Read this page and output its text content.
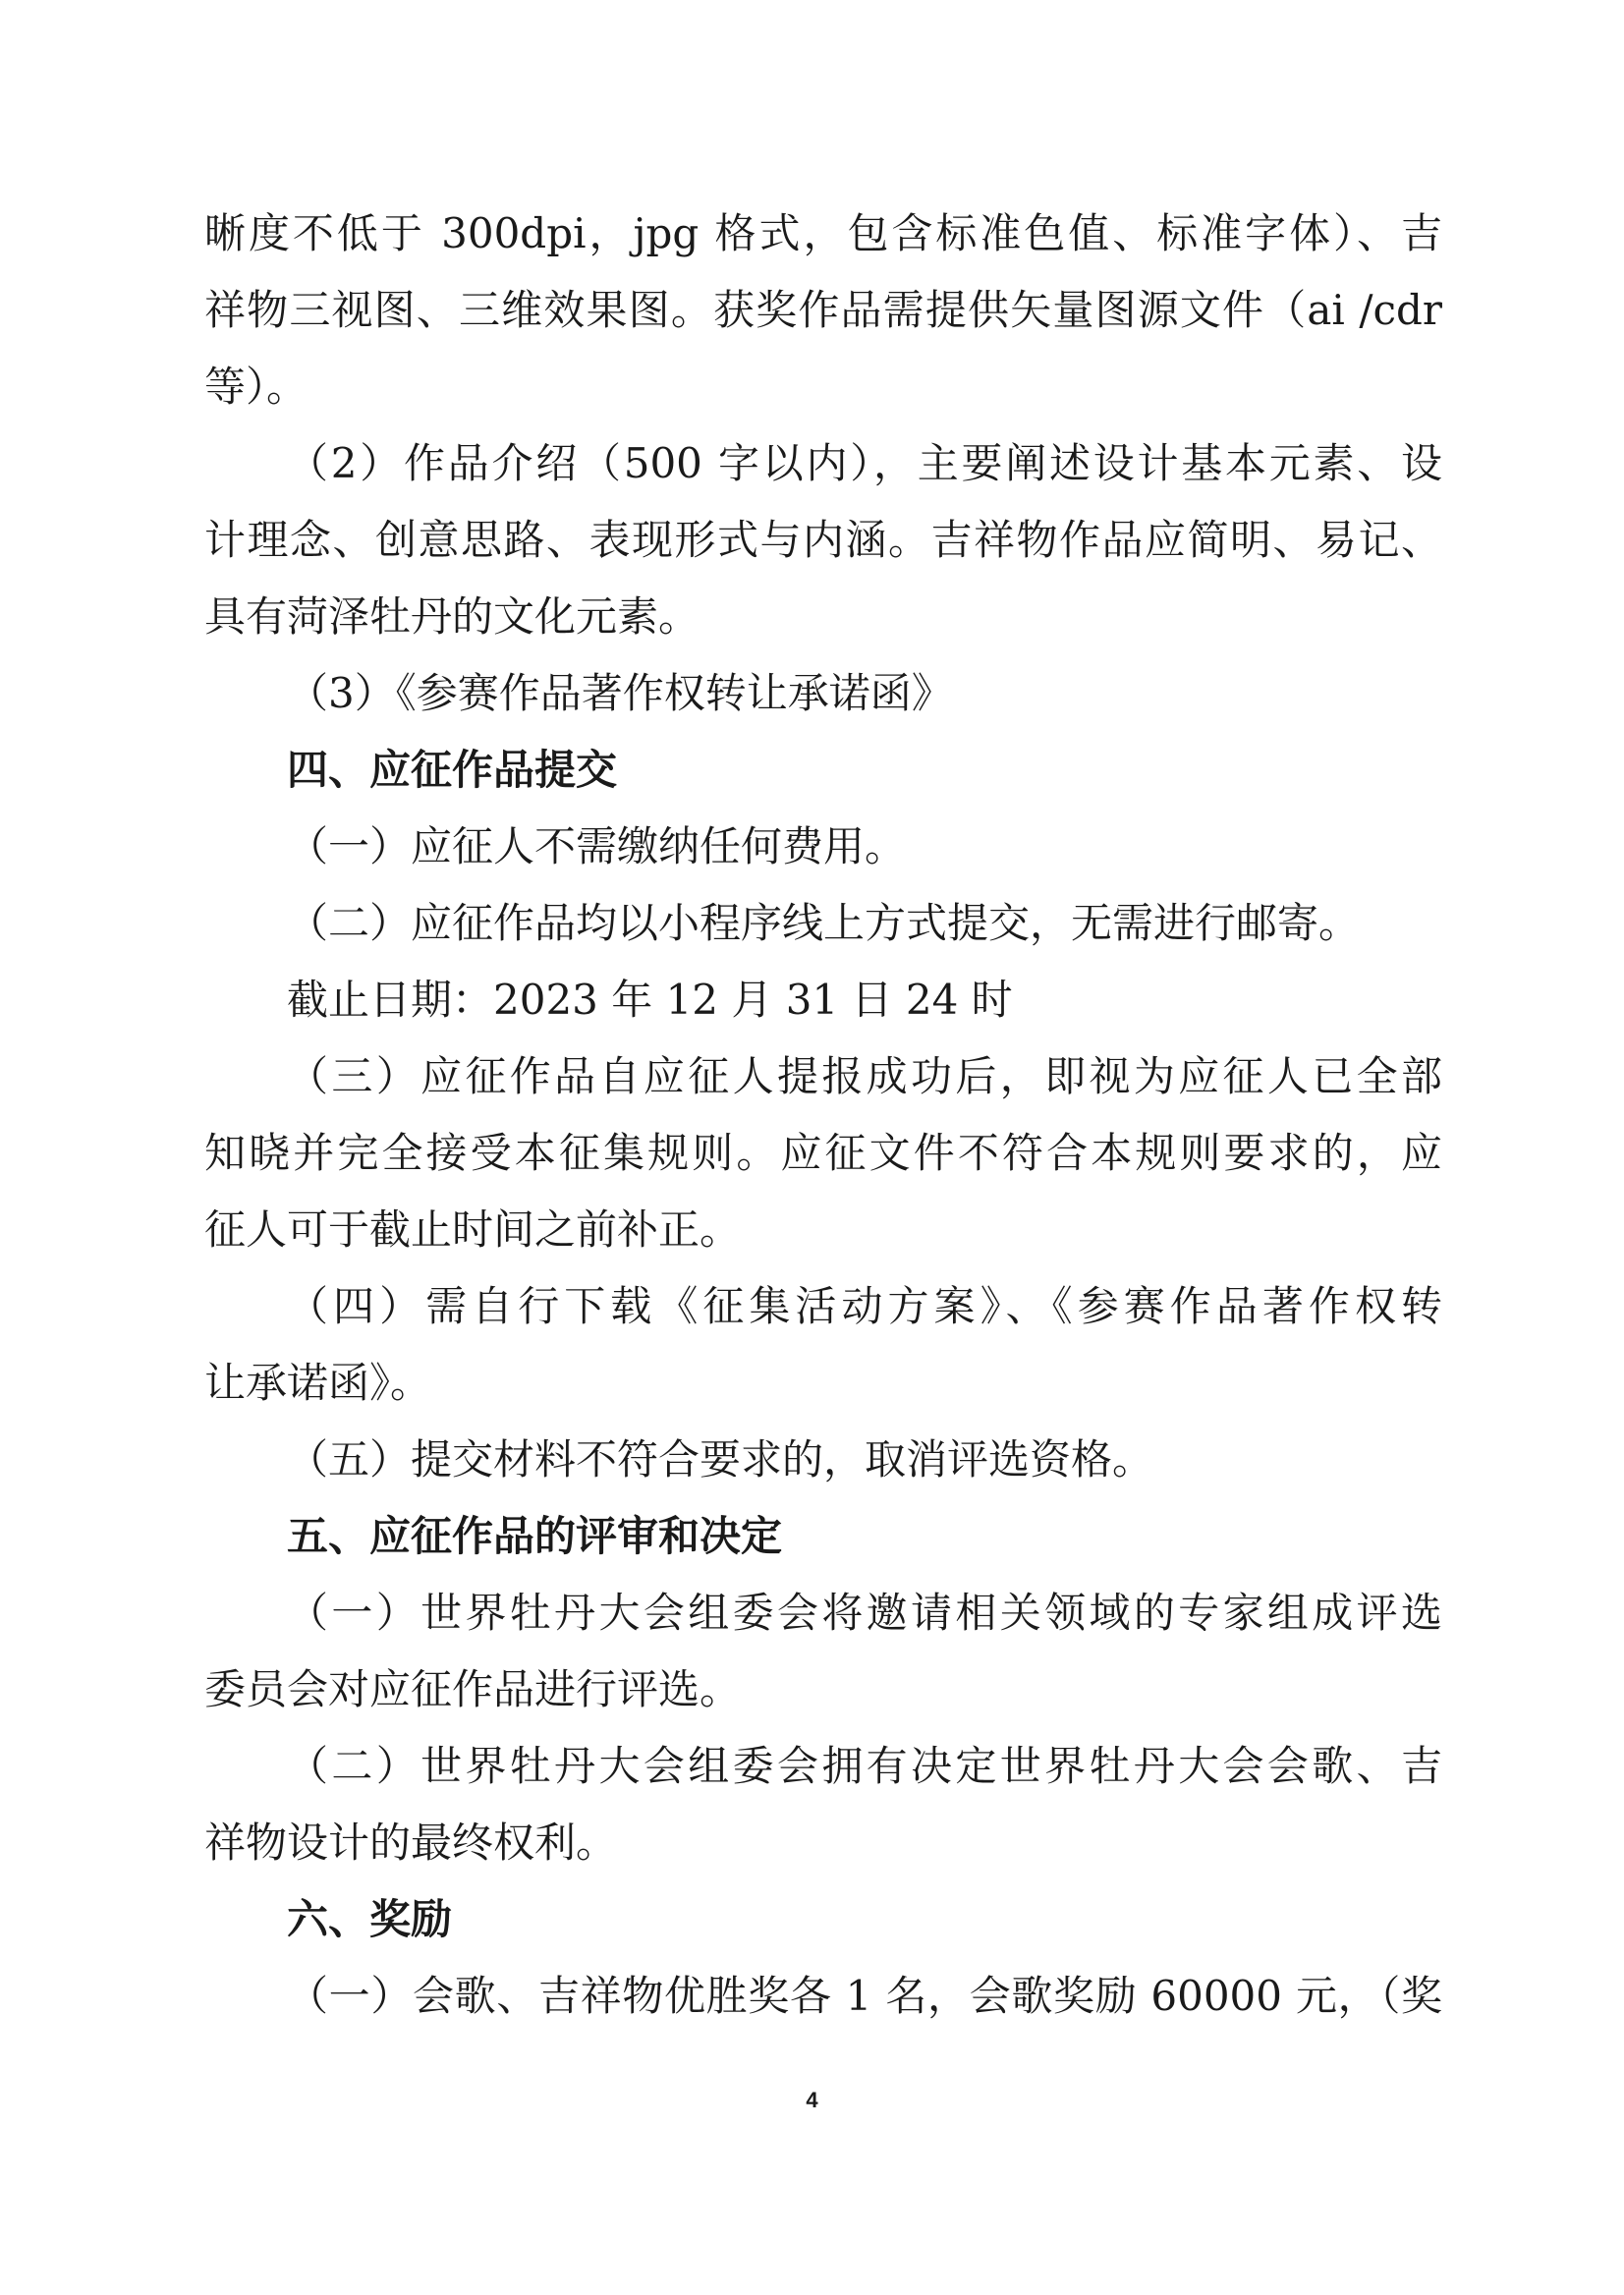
晰度不低于 300dpi，jpg 格式，包含标准色值、标准字体）、吉
祥物三视图、三维效果图。获奖作品需提供矢量图源文件（ai /cdr
等）。
（2）作品介绍（500 字以内），主要阐述设计基本元素、设
计理念、创意思路、表现形式与内涵。吉祥物作品应简明、易记、
具有菏泽牡丹的文化元素。
（3）《参赛作品著作权转让承诺函》
四、应征作品提交
（一）应征人不需缴纳任何费用。
（二）应征作品均以小程序线上方式提交，无需进行邮寄。
截止日期：2023 年 12 月 31 日 24 时
（三）应征作品自应征人提报成功后，即视为应征人已全部
知晓并完全接受本征集规则。应征文件不符合本规则要求的，应
征人可于截止时间之前补正。
（四）需自行下载《征集活动方案》、《参赛作品著作权转
让承诺函》。
（五）提交材料不符合要求的，取消评选资格。
五、应征作品的评审和决定
（一）世界牡丹大会组委会将邀请相关领域的专家组成评选
委员会对应征作品进行评选。
（二）世界牡丹大会组委会拥有决定世界牡丹大会会歌、吉
祥物设计的最终权利。
六、奖励
（一）会歌、吉祥物优胜奖各 1 名，会歌奖励 60000 元，（奖
4
